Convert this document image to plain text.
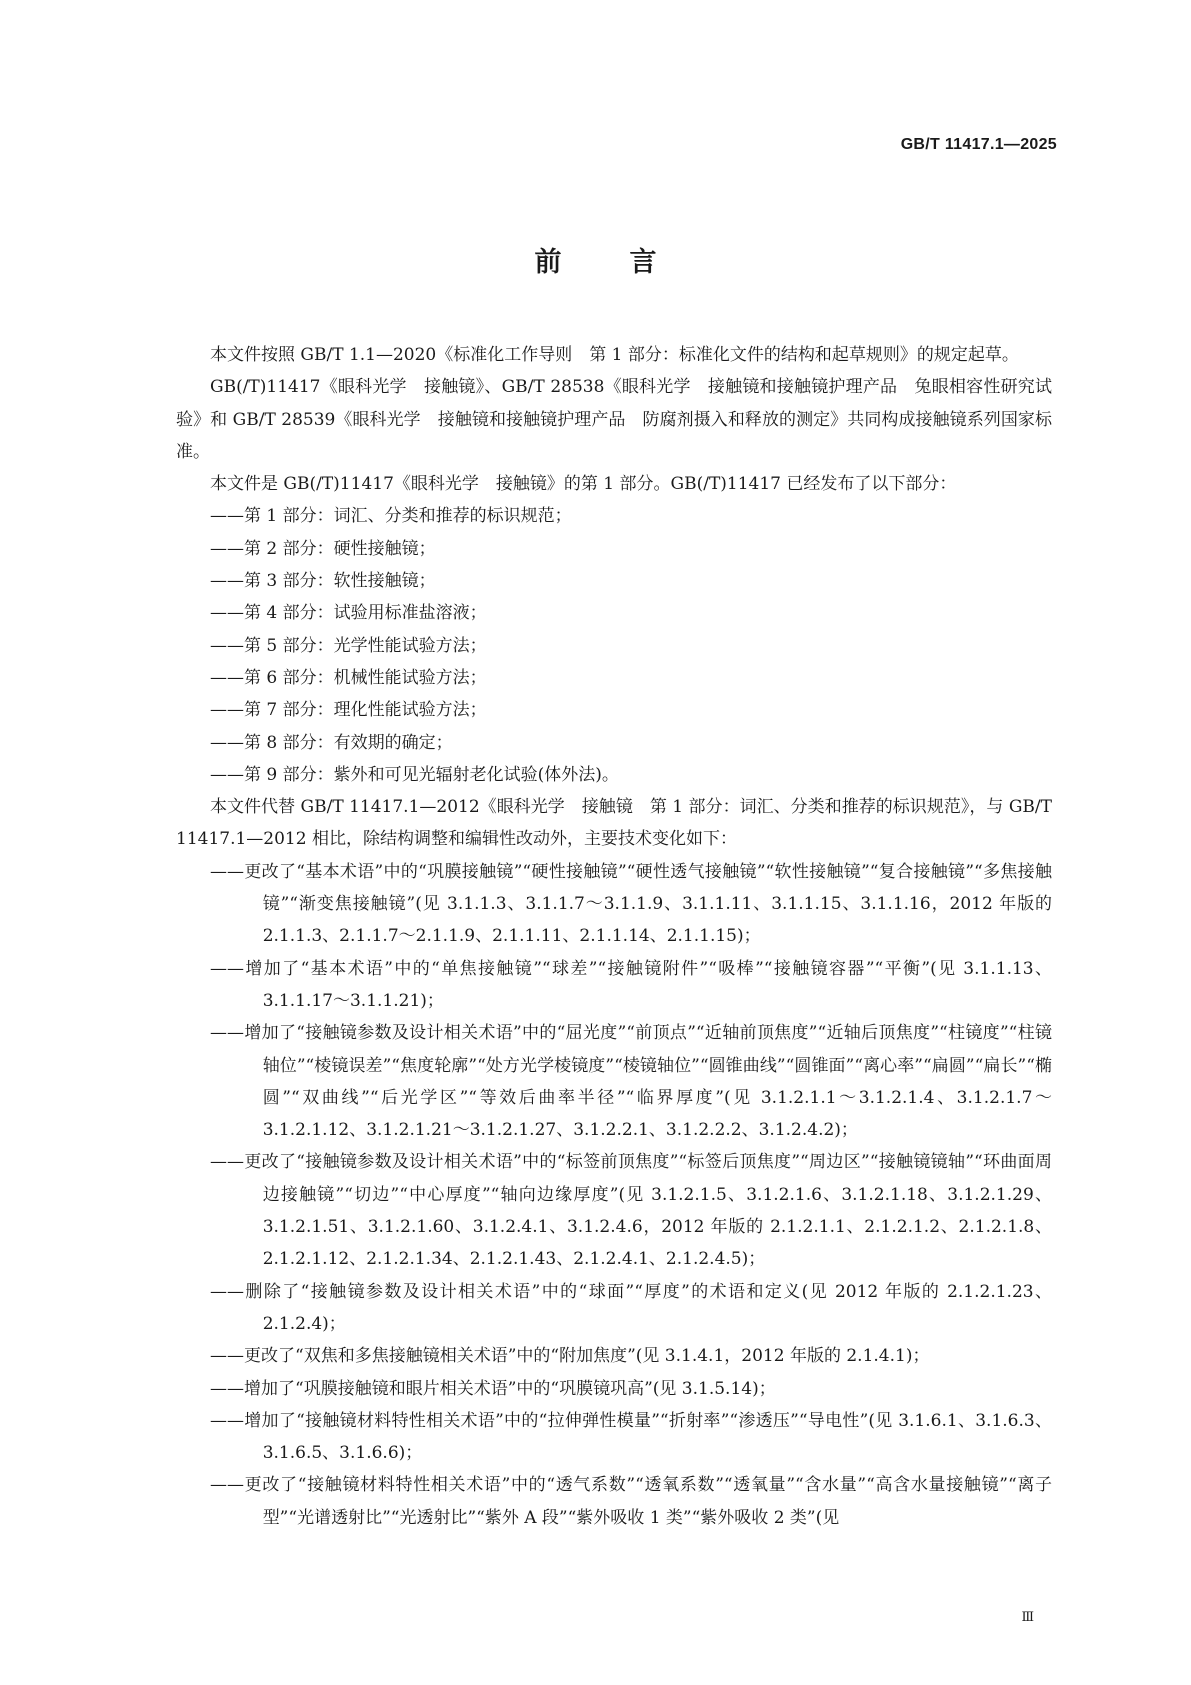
GB/T 11417.1—2025
前言

本文件按照 GB/T 1.1—2020《标准化工作导则　第 1 部分：标准化文件的结构和起草规则》的规定起草。

GB(/T)11417《眼科光学　接触镜》、GB/T 28538《眼科光学　接触镜和接触镜护理产品　兔眼相容性研究试验》和 GB/T 28539《眼科光学　接触镜和接触镜护理产品　防腐剂摄入和释放的测定》共同构成接触镜系列国家标准。

本文件是 GB(/T)11417《眼科光学　接触镜》的第 1 部分。GB(/T)11417 已经发布了以下部分：

——第 1 部分：词汇、分类和推荐的标识规范；

——第 2 部分：硬性接触镜；

——第 3 部分：软性接触镜；

——第 4 部分：试验用标准盐溶液；

——第 5 部分：光学性能试验方法；

——第 6 部分：机械性能试验方法；

——第 7 部分：理化性能试验方法；

——第 8 部分：有效期的确定；

——第 9 部分：紫外和可见光辐射老化试验(体外法)。

本文件代替 GB/T 11417.1—2012《眼科光学　接触镜　第 1 部分：词汇、分类和推荐的标识规范》，与 GB/T 11417.1—2012 相比，除结构调整和编辑性改动外，主要技术变化如下：

——更改了“基本术语”中的“巩膜接触镜”“硬性接触镜”“硬性透气接触镜”“软性接触镜”“复合接触镜”“多焦接触镜”“渐变焦接触镜”(见 3.1.1.3、3.1.1.7～3.1.1.9、3.1.1.11、3.1.1.15、3.1.1.16，2012 年版的 2.1.1.3、2.1.1.7～2.1.1.9、2.1.1.11、2.1.1.14、2.1.1.15)；

——增加了“基本术语”中的“单焦接触镜”“球差”“接触镜附件”“吸棒”“接触镜容器”“平衡”(见 3.1.1.13、3.1.1.17～3.1.1.21)；

——增加了“接触镜参数及设计相关术语”中的“屈光度”“前顶点”“近轴前顶焦度”“近轴后顶焦度”“柱镜度”“柱镜轴位”“棱镜误差”“焦度轮廓”“处方光学棱镜度”“棱镜轴位”“圆锥曲线”“圆锥面”“离心率”“扁圆”“扁长”“椭圆”“双曲线”“后光学区”“等效后曲率半径”“临界厚度”(见 3.1.2.1.1～3.1.2.1.4、3.1.2.1.7～3.1.2.1.12、3.1.2.1.21～3.1.2.1.27、3.1.2.2.1、3.1.2.2.2、3.1.2.4.2)；

——更改了“接触镜参数及设计相关术语”中的“标签前顶焦度”“标签后顶焦度”“周边区”“接触镜镜轴”“环曲面周边接触镜”“切边”“中心厚度”“轴向边缘厚度”(见 3.1.2.1.5、3.1.2.1.6、3.1.2.1.18、3.1.2.1.29、3.1.2.1.51、3.1.2.1.60、3.1.2.4.1、3.1.2.4.6，2012 年版的 2.1.2.1.1、2.1.2.1.2、2.1.2.1.8、2.1.2.1.12、2.1.2.1.34、2.1.2.1.43、2.1.2.4.1、2.1.2.4.5)；

——删除了“接触镜参数及设计相关术语”中的“球面”“厚度”的术语和定义(见 2012 年版的 2.1.2.1.23、2.1.2.4)；

——更改了“双焦和多焦接触镜相关术语”中的“附加焦度”(见 3.1.4.1，2012 年版的 2.1.4.1)；

——增加了“巩膜接触镜和眼片相关术语”中的“巩膜镜巩高”(见 3.1.5.14)；

——增加了“接触镜材料特性相关术语”中的“拉伸弹性模量”“折射率”“渗透压”“导电性”(见 3.1.6.1、3.1.6.3、3.1.6.5、3.1.6.6)；

——更改了“接触镜材料特性相关术语”中的“透气系数”“透氧系数”“透氧量”“含水量”“高含水量接触镜”“离子型”“光谱透射比”“光透射比”“紫外 A 段”“紫外吸收 1 类”“紫外吸收 2 类”(见

Ⅲ
